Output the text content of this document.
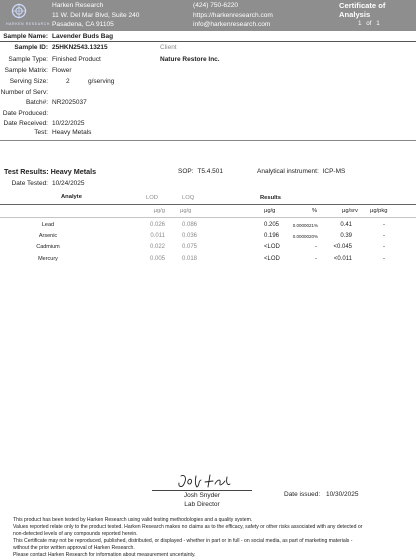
HARKEN RESEARCH
Harken Research
11 W. Del Mar Blvd, Suite 240
Pasadena, CA 91105
(424) 750-6220
https://harkenresearch.com
info@harkenresearch.com
Certificate of Analysis
1 of 1
Sample Name: Lavender Buds Bag
Sample ID: 25HKN2543.13215	Client
Sample Type: Finished Product	Nature Restore Inc.
Sample Matrix: Flower
Serving Size:	2	g/serving
Number of Serv:
Batch#: NR2025037
Date Produced:
Date Received: 10/22/2025
Test: Heavy Metals
Test Results: Heavy Metals	SOP: T5.4.501	Analytical instrument: ICP-MS
Date Tested: 10/24/2025
Analyte	LOD	LOQ	Results
µg/g	µg/g	µg/g	%	µg/srv µg/pkg
Lead	0.026	0.086	0.205	0.0000021%	0.41	-
Arsenic	0.011	0.036	0.196	0.0000020%	0.39	-
Cadmium	0.022	0.075	<LOD	-	<0.045	-
Mercury	0.005	0.018	<LOD	-	<0.011	-
Josh Snyder
Lab Director
Date issued: 10/30/2025
This product has been tested by Harken Research using valid testing methodologies and a quality system.
Values reported relate only to the product tested. Harken Research makes no claims as to the efficacy, safety or other risks associated with any detected or
non-detected levels of any compounds reported herein.
This Certificate may not be reproduced, published, distributed, or displayed - whether in part or in full - on social media, as part of marketing materials -
without the prior written approval of Harken Research.
Please contact Harken Research for information about measurement uncertainty.
